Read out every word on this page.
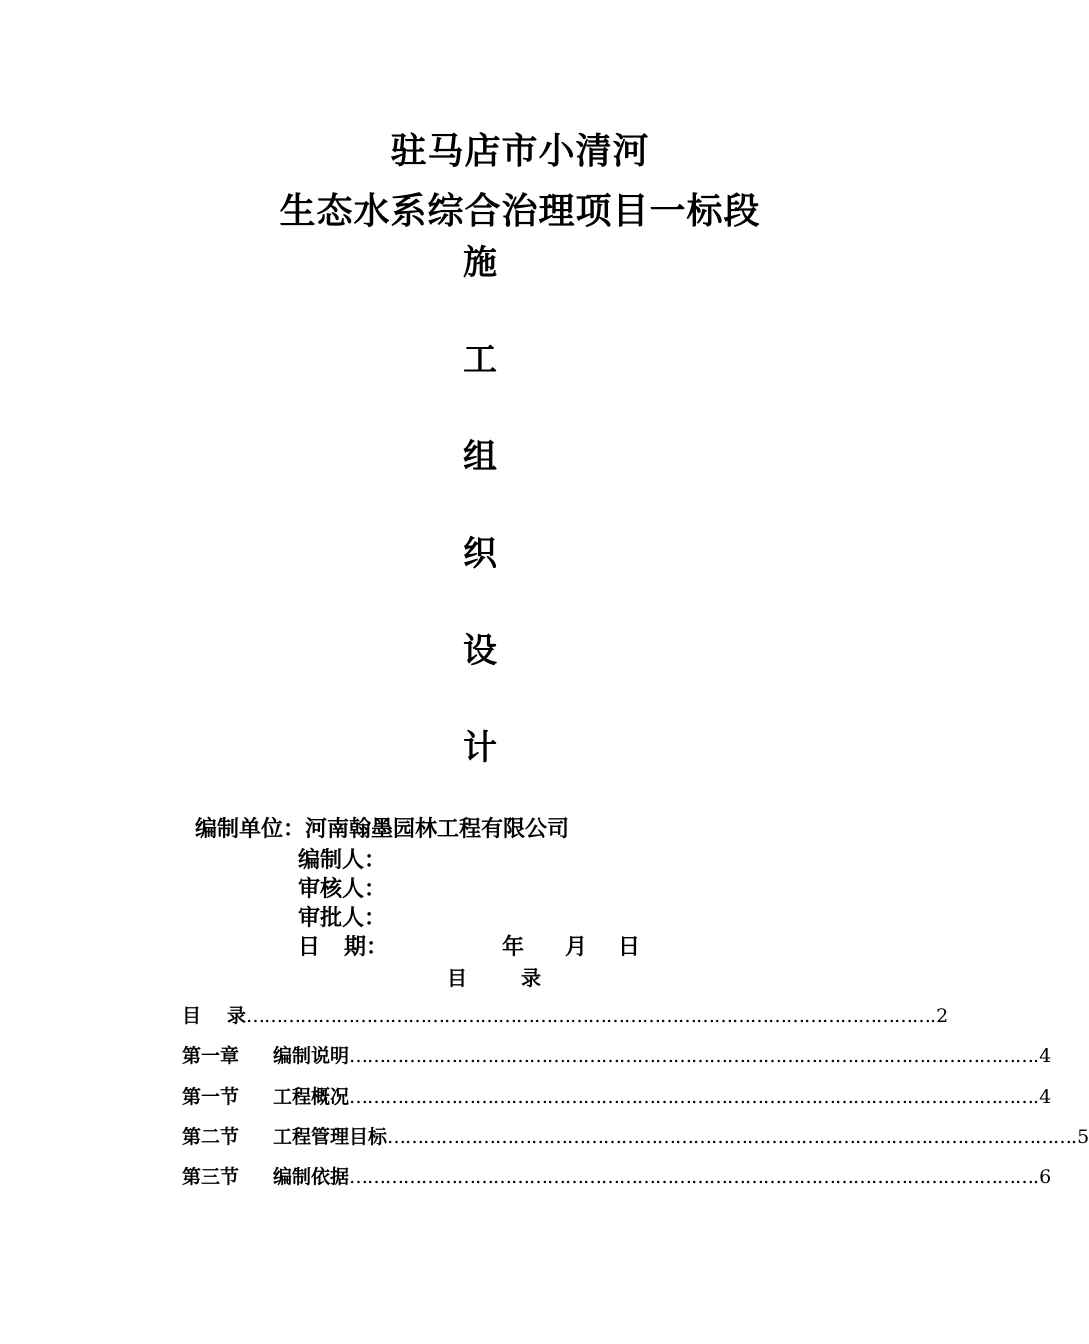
驻马店市小清河
生态水系综合治理项目一标段
施
工
组
织
设
计
编制单位：河南翰墨园林工程有限公司
编制人：
审核人：
审批人：
日 期：	年 月 日
目	录
目 录 …………………………………………………………………………………………………… .2
第一章 编制说明 …………………………………………………………………………………………………… .4
第一节 工程概况 …………………………………………………………………………………………………… .4
第二节 工程管理目标 …………………………………………………………………………………………………… .5
第三节 编制依据 …………………………………………………………………………………………………… .6
